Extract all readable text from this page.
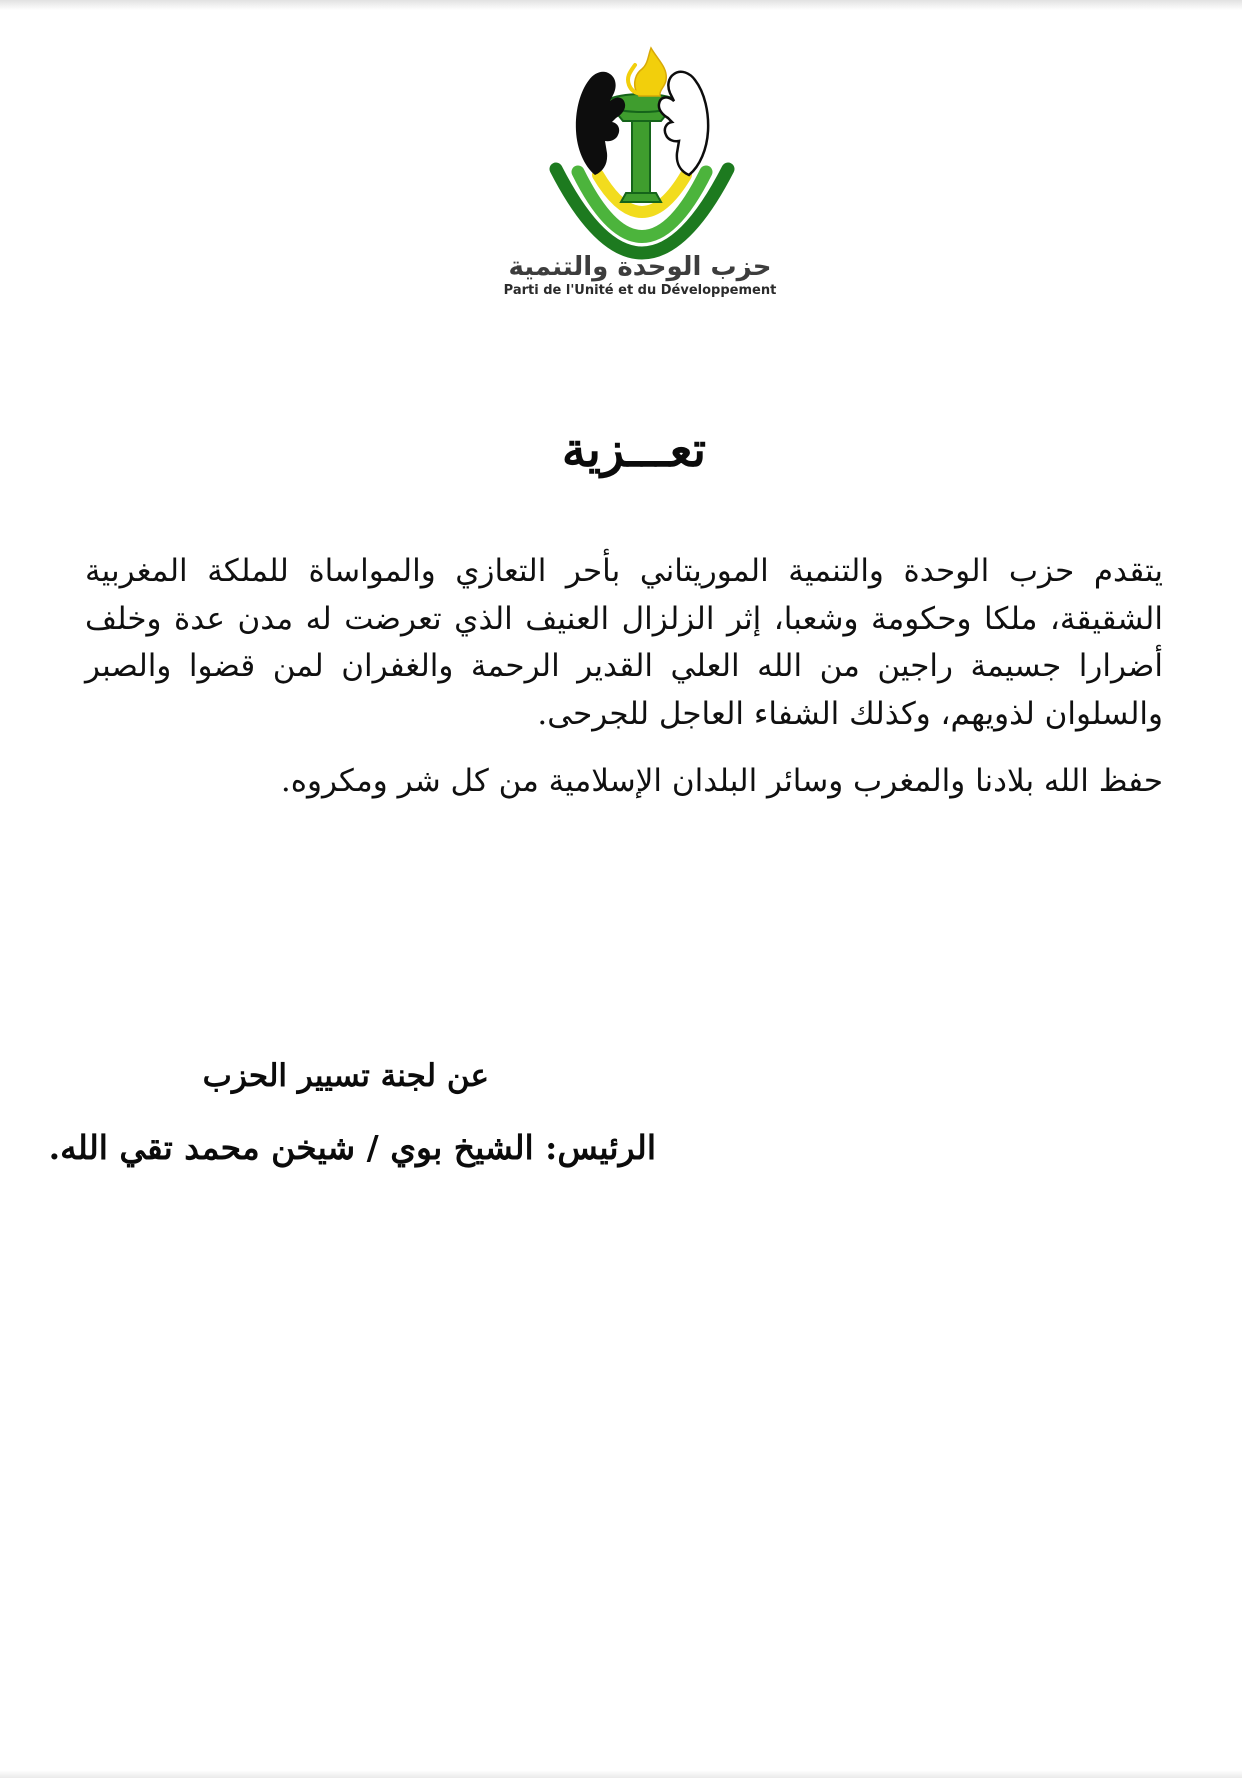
حزب الوحدة والتنمية
Parti de l'Unité et du Développement
تعـــزية

يتقدم حزب الوحدة والتنمية الموريتاني بأحر التعازي والمواساة للملكة المغربية الشقيقة، ملكا وحكومة وشعبا، إثر الزلزال العنيف الذي تعرضت له مدن عدة وخلف أضرارا جسيمة راجين من الله العلي القدير الرحمة والغفران لمن قضوا والصبر والسلوان لذويهم، وكذلك الشفاء العاجل للجرحى.

حفظ الله بلادنا والمغرب وسائر البلدان الإسلامية من كل شر ومكروه.

عن لجنة تسيير الحزب
الرئيس: الشيخ بوي / شيخن محمد تقي الله.
